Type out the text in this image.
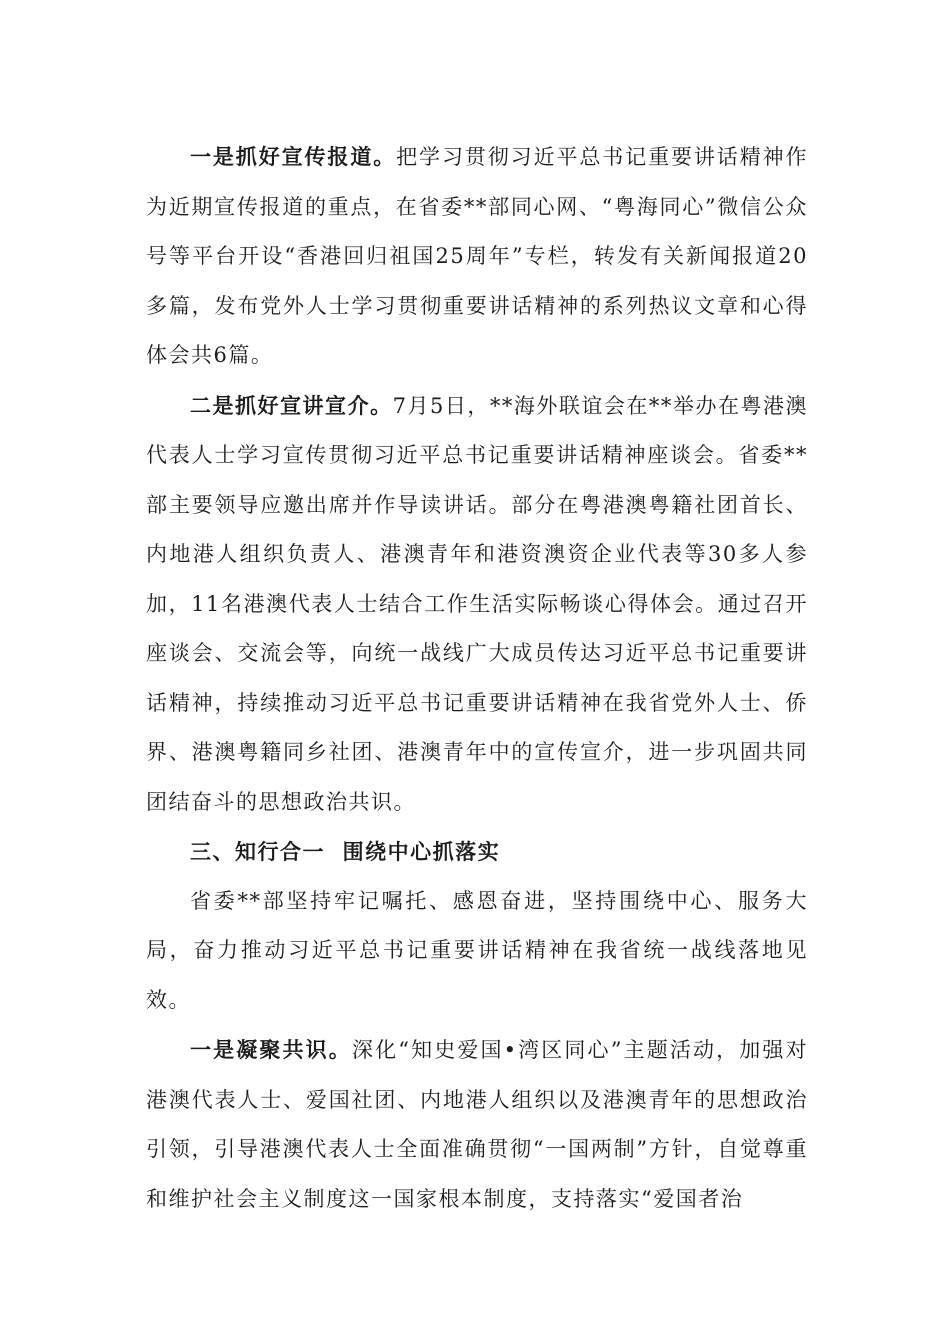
一是抓好宣传报道。把学习贯彻习近平总书记重要讲话精神作为近期宣传报道的重点，在省委**部同心网、“粤海同心”微信公众号等平台开设“香港回归祖国25周年”专栏，转发有关新闻报道20多篇，发布党外人士学习贯彻重要讲话精神的系列热议文章和心得体会共6篇。

二是抓好宣讲宣介。7月5日，**海外联谊会在**举办在粤港澳代表人士学习宣传贯彻习近平总书记重要讲话精神座谈会。省委**部主要领导应邀出席并作导读讲话。部分在粤港澳粤籍社团首长、内地港人组织负责人、港澳青年和港资澳资企业代表等30多人参加，11名港澳代表人士结合工作生活实际畅谈心得体会。通过召开座谈会、交流会等，向统一战线广大成员传达习近平总书记重要讲话精神，持续推动习近平总书记重要讲话精神在我省党外人士、侨界、港澳粤籍同乡社团、港澳青年中的宣传宣介，进一步巩固共同团结奋斗的思想政治共识。

三、知行合一  围绕中心抓落实

省委**部坚持牢记嘱托、感恩奋进，坚持围绕中心、服务大局，奋力推动习近平总书记重要讲话精神在我省统一战线落地见效。

一是凝聚共识。深化“知史爱国•湾区同心”主题活动，加强对港澳代表人士、爱国社团、内地港人组织以及港澳青年的思想政治引领，引导港澳代表人士全面准确贯彻“一国两制”方针，自觉尊重和维护社会主义制度这一国家根本制度，支持落实“爱国者治
